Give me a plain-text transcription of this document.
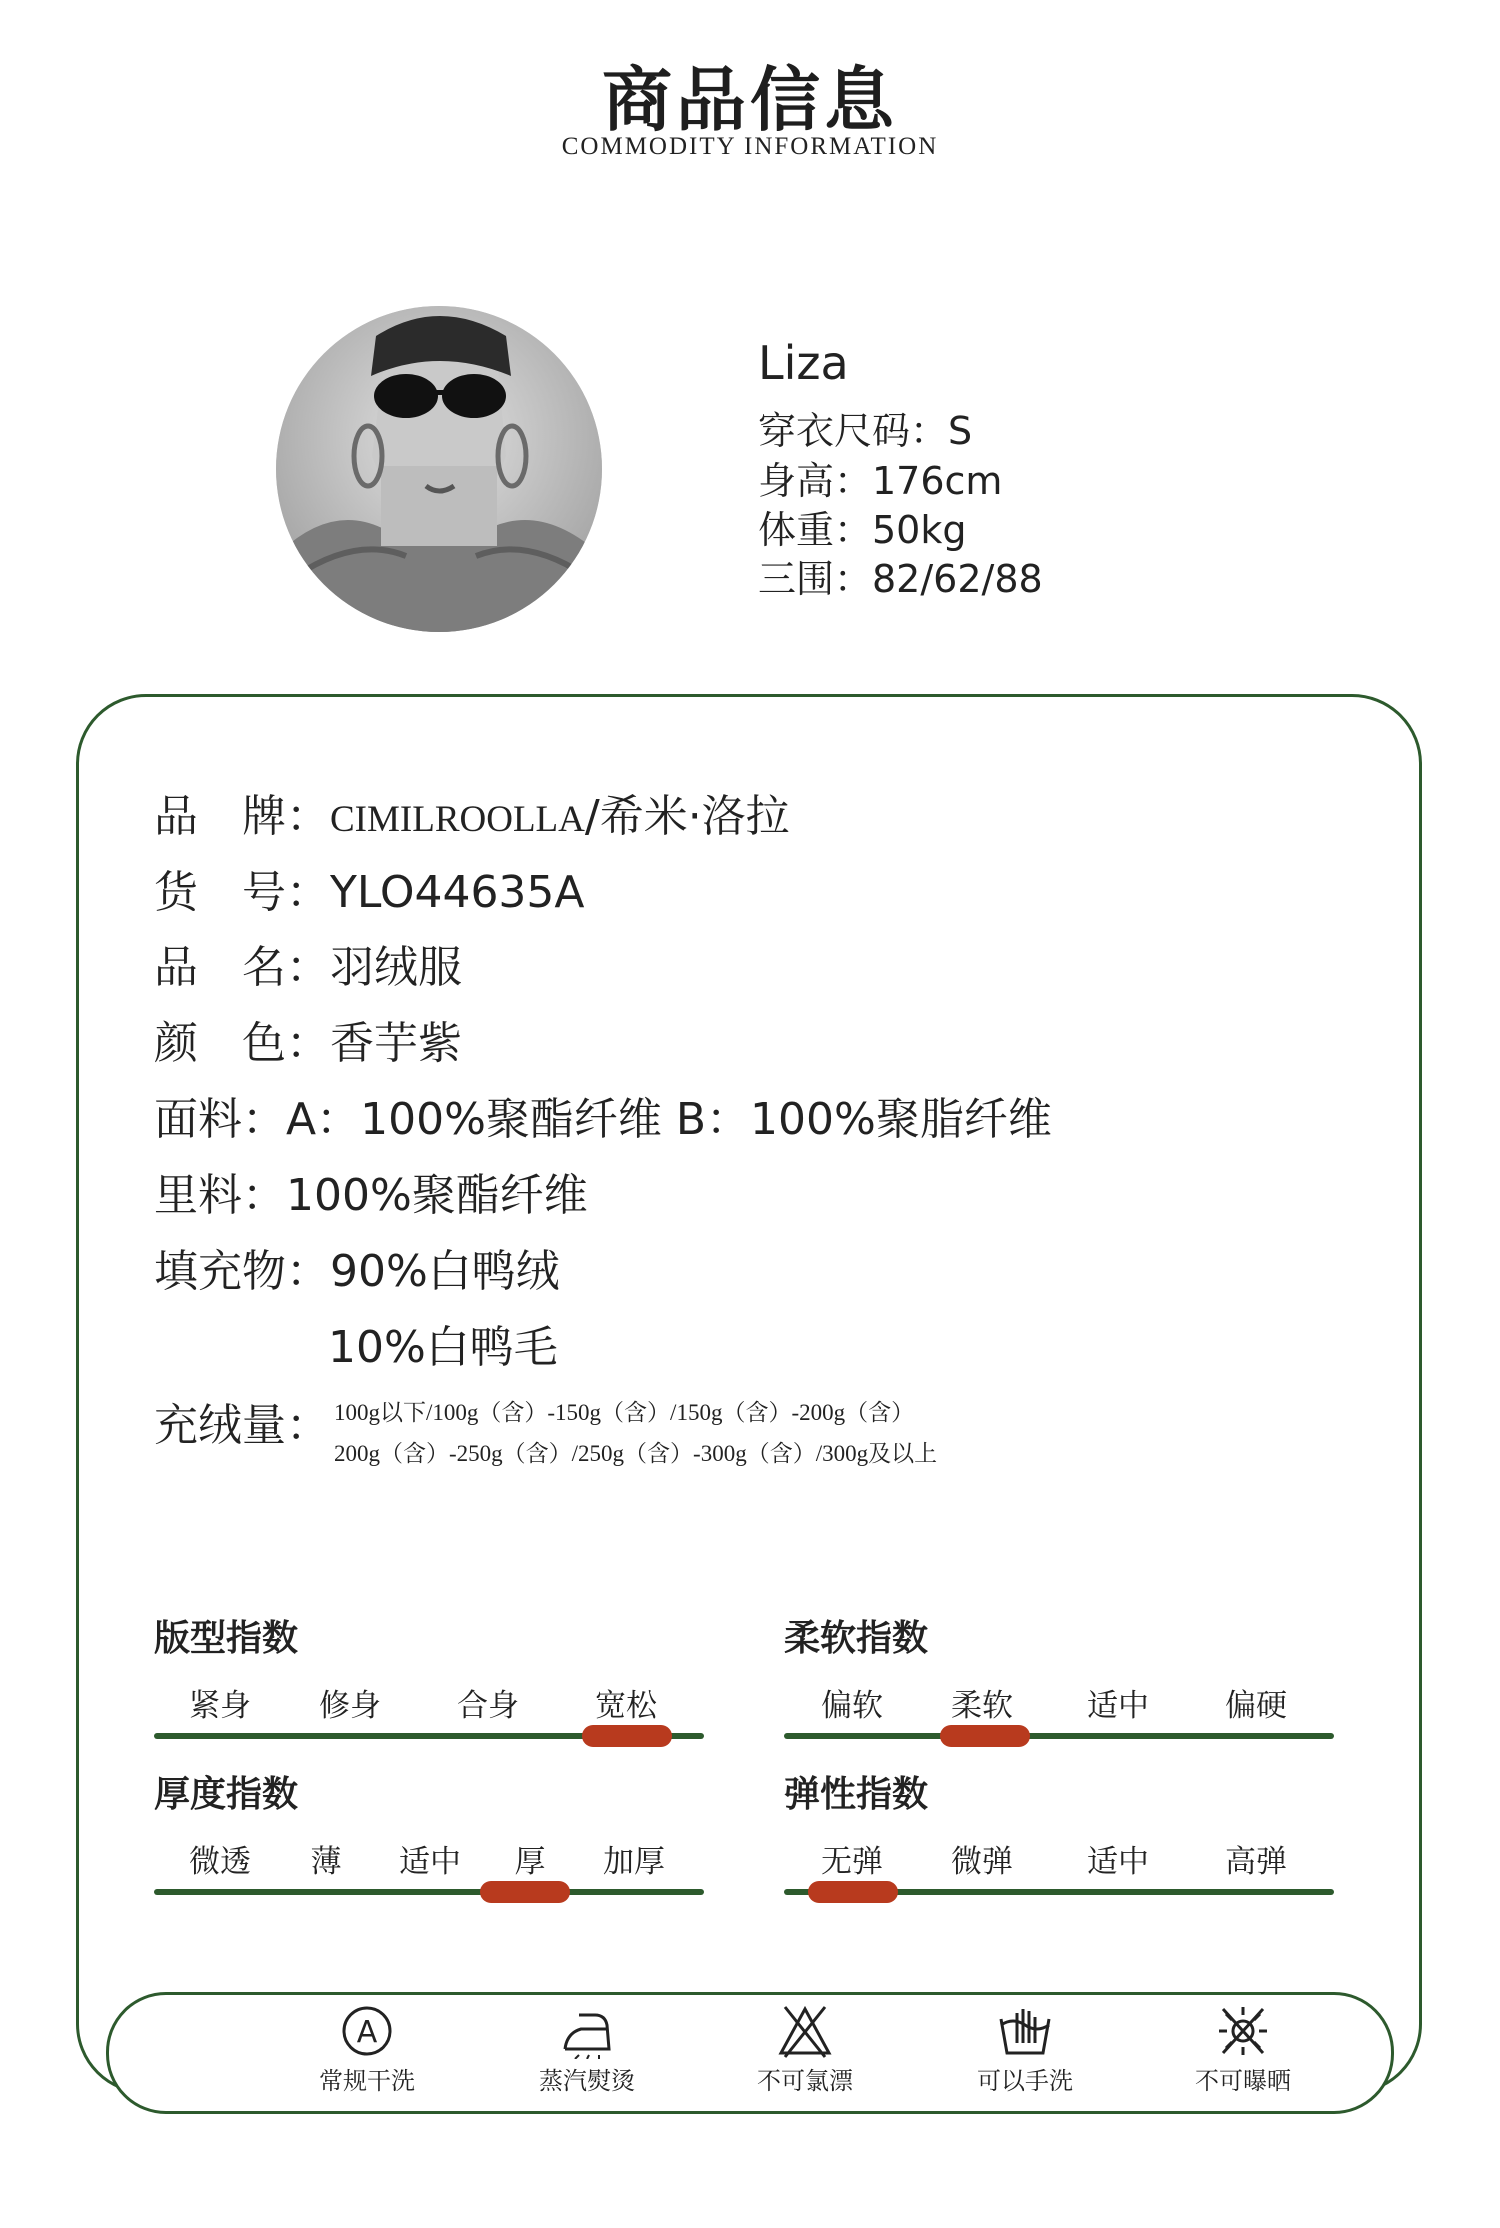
商品信息
COMMODITY INFORMATION
Liza
穿衣尺码：S
身高：176cm
体重：50kg
三围：82/62/88
品　牌：CIMILROOLLA/希米·洛拉
货　号：YLO44635A
品　名：羽绒服
颜　色：香芋紫
面料：A：100%聚酯纤维 B：100%聚脂纤维
里料：100%聚酯纤维
填充物：90%白鸭绒
10%白鸭毛
充绒量： 100g以下/100g（含）-150g（含）/150g（含）-200g（含）
200g（含）-250g（含）/250g（含）-300g（含）/300g及以上
版型指数
紧身 修身 合身 宽松
柔软指数
偏软 柔软 适中 偏硬
厚度指数
微透 薄 适中 厚 加厚
弹性指数
无弹 微弹 适中 高弹
A
常规干洗	蒸汽熨烫	不可氯漂	可以手洗	不可曝晒
